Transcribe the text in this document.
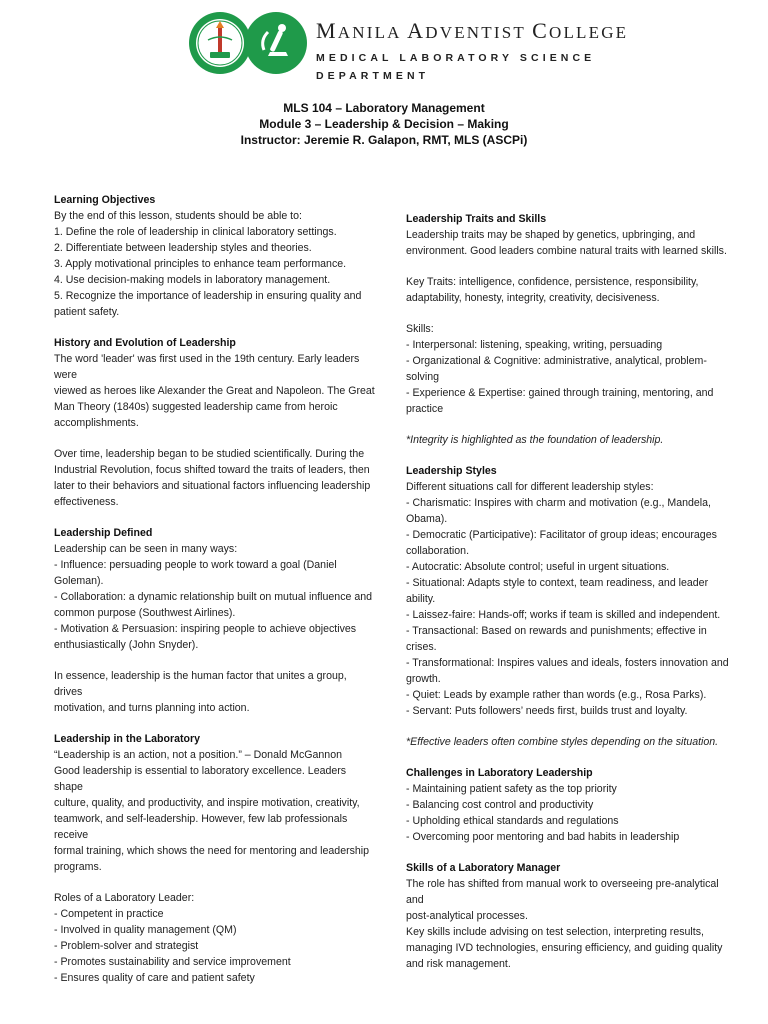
MANILA ADVENTIST COLLEGE
MEDICAL LABORATORY SCIENCE
DEPARTMENT
MLS 104 – Laboratory Management
Module 3 – Leadership & Decision – Making
Instructor: Jeremie R. Galapon, RMT, MLS (ASCPi)
Learning Objectives
By the end of this lesson, students should be able to:
1. Define the role of leadership in clinical laboratory settings.
2. Differentiate between leadership styles and theories.
3. Apply motivational principles to enhance team performance.
4. Use decision-making models in laboratory management.
5. Recognize the importance of leadership in ensuring quality and
patient safety.
History and Evolution of Leadership
The word 'leader' was first used in the 19th century. Early leaders were
viewed as heroes like Alexander the Great and Napoleon. The Great
Man Theory (1840s) suggested leadership came from heroic
accomplishments.
Over time, leadership began to be studied scientifically. During the
Industrial Revolution, focus shifted toward the traits of leaders, then
later to their behaviors and situational factors influencing leadership
effectiveness.
Leadership Defined
Leadership can be seen in many ways:
- Influence: persuading people to work toward a goal (Daniel
Goleman).
- Collaboration: a dynamic relationship built on mutual influence and
common purpose (Southwest Airlines).
- Motivation & Persuasion: inspiring people to achieve objectives
enthusiastically (John Snyder).
In essence, leadership is the human factor that unites a group, drives
motivation, and turns planning into action.
Leadership in the Laboratory
“Leadership is an action, not a position.” – Donald McGannon
Good leadership is essential to laboratory excellence. Leaders shape
culture, quality, and productivity, and inspire motivation, creativity,
teamwork, and self-leadership. However, few lab professionals receive
formal training, which shows the need for mentoring and leadership
programs.
Roles of a Laboratory Leader:
- Competent in practice
- Involved in quality management (QM)
- Problem-solver and strategist
- Promotes sustainability and service improvement
- Ensures quality of care and patient safety
Leadership Traits and Skills
Leadership traits may be shaped by genetics, upbringing, and
environment. Good leaders combine natural traits with learned skills.
Key Traits: intelligence, confidence, persistence, responsibility,
adaptability, honesty, integrity, creativity, decisiveness.
Skills:
- Interpersonal: listening, speaking, writing, persuading
- Organizational & Cognitive: administrative, analytical, problem-solving
- Experience & Expertise: gained through training, mentoring, and
practice
*Integrity is highlighted as the foundation of leadership.
Leadership Styles
Different situations call for different leadership styles:
- Charismatic: Inspires with charm and motivation (e.g., Mandela,
Obama).
- Democratic (Participative): Facilitator of group ideas; encourages
collaboration.
- Autocratic: Absolute control; useful in urgent situations.
- Situational: Adapts style to context, team readiness, and leader
ability.
- Laissez-faire: Hands-off; works if team is skilled and independent.
- Transactional: Based on rewards and punishments; effective in
crises.
- Transformational: Inspires values and ideals, fosters innovation and
growth.
- Quiet: Leads by example rather than words (e.g., Rosa Parks).
- Servant: Puts followers’ needs first, builds trust and loyalty.
*Effective leaders often combine styles depending on the situation.
Challenges in Laboratory Leadership
- Maintaining patient safety as the top priority
- Balancing cost control and productivity
- Upholding ethical standards and regulations
- Overcoming poor mentoring and bad habits in leadership
Skills of a Laboratory Manager
The role has shifted from manual work to overseeing pre-analytical and
post-analytical processes.
Key skills include advising on test selection, interpreting results,
managing IVD technologies, ensuring efficiency, and guiding quality
and risk management.
